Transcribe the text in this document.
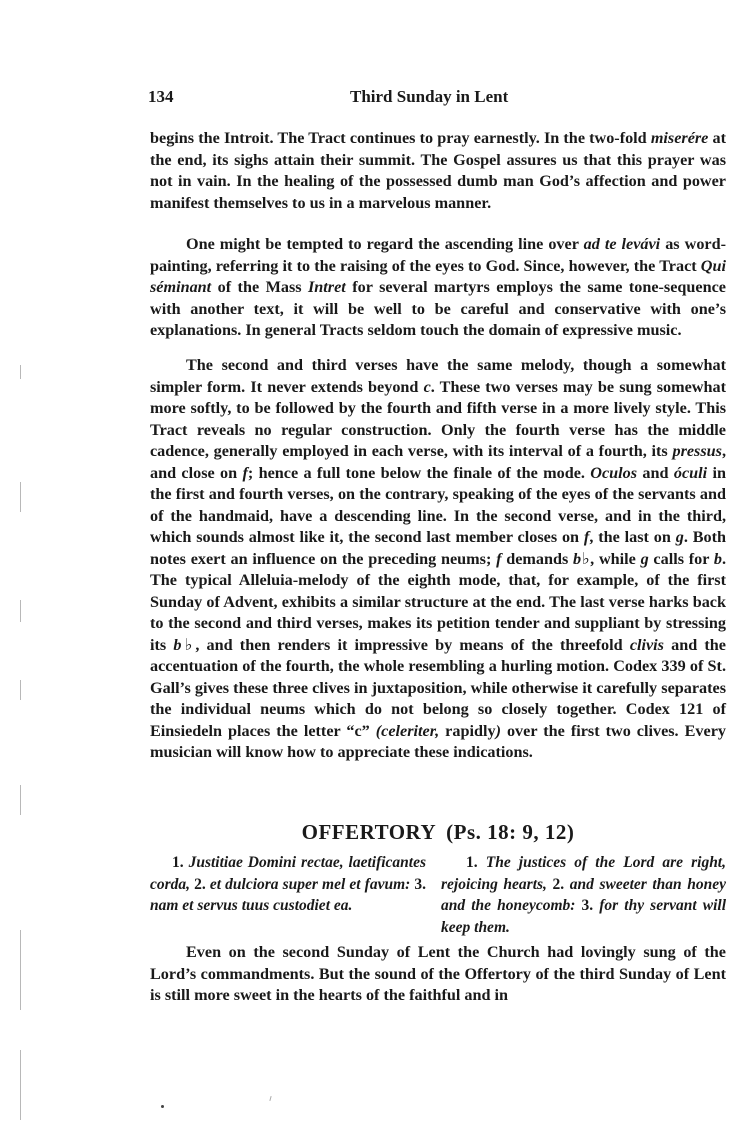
134	Third Sunday in Lent

begins the Introit. The Tract continues to pray earnestly. In the two-fold miserére at the end, its sighs attain their summit. The Gospel assures us that this prayer was not in vain. In the healing of the possessed dumb man God’s affection and power manifest themselves to us in a marvelous manner.

One might be tempted to regard the ascending line over ad te levávi as word-painting, referring it to the raising of the eyes to God. Since, however, the Tract Qui séminant of the Mass Intret for several martyrs employs the same tone-sequence with another text, it will be well to be careful and conservative with one’s explanations. In general Tracts seldom touch the domain of expressive music.

The second and third verses have the same melody, though a somewhat simpler form. It never extends beyond c. These two verses may be sung somewhat more softly, to be followed by the fourth and fifth verse in a more lively style. This Tract reveals no regular construction. Only the fourth verse has the middle cadence, generally employed in each verse, with its interval of a fourth, its pressus, and close on f; hence a full tone below the finale of the mode. Oculos and óculi in the first and fourth verses, on the contrary, speaking of the eyes of the servants and of the handmaid, have a descending line. In the second verse, and in the third, which sounds almost like it, the second last member closes on f, the last on g. Both notes exert an influence on the preceding neums; f demands b♭, while g calls for b. The typical Alleluia-melody of the eighth mode, that, for example, of the first Sunday of Advent, exhibits a similar structure at the end. The last verse harks back to the second and third verses, makes its petition tender and suppliant by stressing its b♭, and then renders it impressive by means of the threefold clivis and the accentuation of the fourth, the whole resembling a hurling motion. Codex 339 of St. Gall’s gives these three clives in juxtaposition, while otherwise it carefully separates the individual neums which do not belong so closely together. Codex 121 of Einsiedeln places the letter “c” (celeriter, rapidly) over the first two clives. Every musician will know how to appreciate these indications.

OFFERTORY (Ps. 18: 9, 12)

1. Justitiae Domini rectae, laetificantes corda, 2. et dulciora super mel et favum: 3. nam et servus tuus custodiet ea.

1. The justices of the Lord are right, rejoicing hearts, 2. and sweeter than honey and the honeycomb: 3. for thy servant will keep them.

Even on the second Sunday of Lent the Church had lovingly sung of the Lord’s commandments. But the sound of the Offertory of the third Sunday of Lent is still more sweet in the hearts of the faithful and in
